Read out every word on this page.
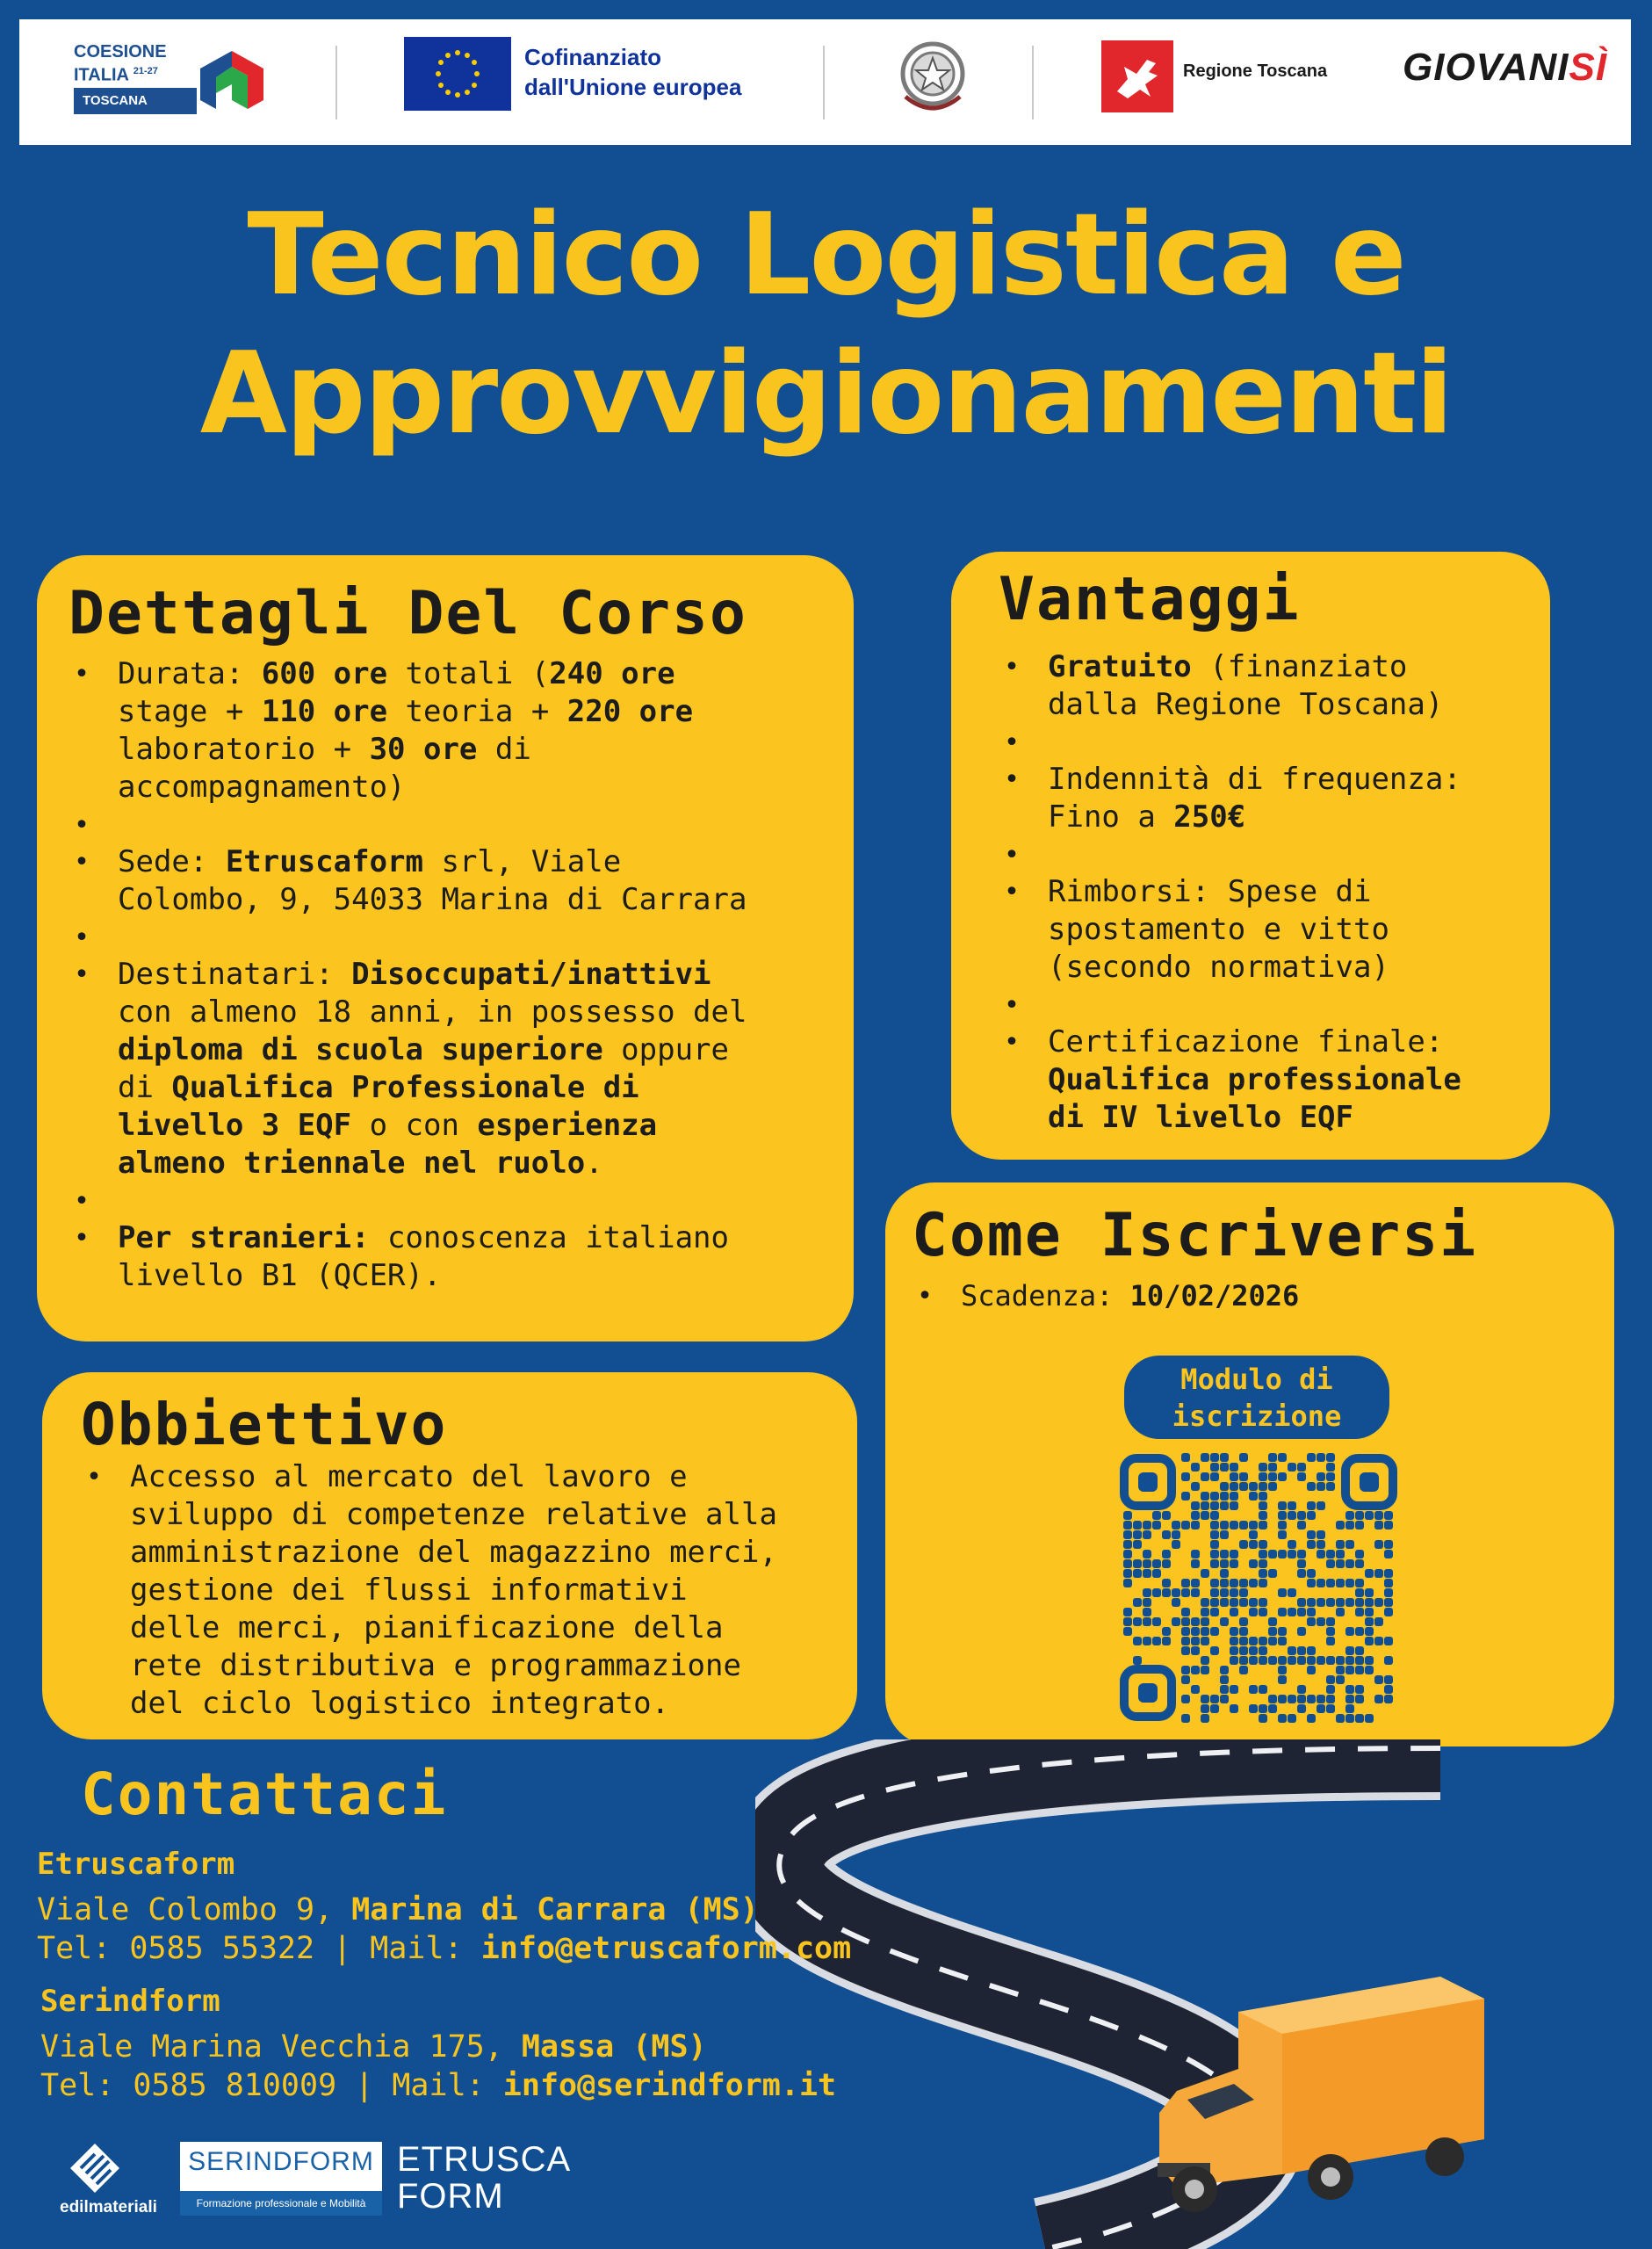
COESIONE
ITALIA $^{21-27}$
TOSCANA
Cofinanziato
dall'Unione europea
Regione Toscana GIOVANISÌ
Tecnico Logistica e
Approvvigionamenti
Dettagli Del Corso
• Durata: 600 ore totali (240 ore
stage + 110 ore teoria + 220 ore
laboratorio + 30 ore di
accompagnamento)
•
• Sede: Etruscaform srl, Viale
Colombo, 9, 54033 Marina di Carrara
•
• Destinatari: Disoccupati/inattivi
con almeno 18 anni, in possesso del
diploma di scuola superiore oppure
di Qualifica Professionale di
livello 3 EQF o con esperienza
almeno triennale nel ruolo.
•
• Per stranieri: conoscenza italiano
livello B1 (QCER).
Obbiettivo
• Accesso al mercato del lavoro e
sviluppo di competenze relative alla
amministrazione del magazzino merci,
gestione dei flussi informativi
delle merci, pianificazione della
rete distributiva e programmazione
del ciclo logistico integrato.
Vantaggi
• Gratuito (finanziato
dalla Regione Toscana)
•
• Indennità di frequenza:
Fino a 250€
•
• Rimborsi: Spese di
spostamento e vitto
(secondo normativa)
•
• Certificazione finale:
Qualifica professionale
di IV livello EQF
Come Iscriversi
• Scadenza: 10/02/2026
Modulo di
iscrizione
Contattaci
Etruscaform
Viale Colombo 9, Marina di Carrara (MS)
Tel: 0585 55322 | Mail: info@etruscaform.com
Serindform
Viale Marina Vecchia 175, Massa (MS)
Tel: 0585 810009 | Mail: info@serindform.it
edilmateriali
SERINDFORM
Formazione professionale e Mobilità
ETRUSCA
FORM
